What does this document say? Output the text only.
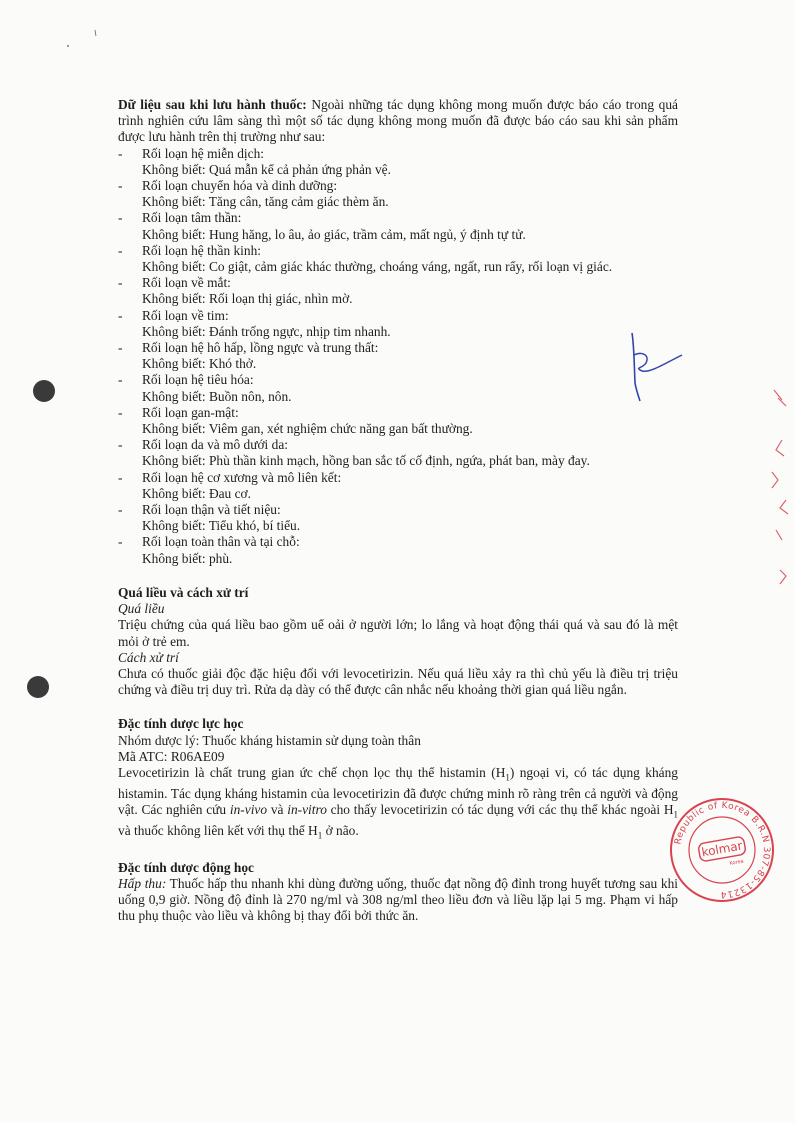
Dữ liệu sau khi lưu hành thuốc: Ngoài những tác dụng không mong muốn được báo cáo trong quá trình nghiên cứu lâm sàng thì một số tác dụng không mong muốn đã được báo cáo sau khi sản phẩm được lưu hành trên thị trường như sau:

- Rối loạn hệ miễn dịch:
Không biết: Quá mẫn kể cả phản ứng phản vệ.
- Rối loạn chuyển hóa và dinh dưỡng:
Không biết: Tăng cân, tăng cảm giác thèm ăn.
- Rối loạn tâm thần:
Không biết: Hung hăng, lo âu, ảo giác, trầm cảm, mất ngủ, ý định tự tử.
- Rối loạn hệ thần kinh:
Không biết: Co giật, cảm giác khác thường, choáng váng, ngất, run rẩy, rối loạn vị giác.
- Rối loạn về mắt:
Không biết: Rối loạn thị giác, nhìn mờ.
- Rối loạn về tim:
Không biết: Đánh trống ngực, nhịp tim nhanh.
- Rối loạn hệ hô hấp, lồng ngực và trung thất:
Không biết: Khó thở.
- Rối loạn hệ tiêu hóa:
Không biết: Buồn nôn, nôn.
- Rối loạn gan-mật:
Không biết: Viêm gan, xét nghiệm chức năng gan bất thường.
- Rối loạn da và mô dưới da:
Không biết: Phù thần kinh mạch, hồng ban sắc tố cố định, ngứa, phát ban, mày đay.
- Rối loạn hệ cơ xương và mô liên kết:
Không biết: Đau cơ.
- Rối loạn thận và tiết niệu:
Không biết: Tiểu khó, bí tiểu.
- Rối loạn toàn thân và tại chỗ:
Không biết: phù.

Quá liều và cách xử trí

Quá liều

Triệu chứng của quá liều bao gồm uể oải ở người lớn; lo lắng và hoạt động thái quá và sau đó là mệt mỏi ở trẻ em.

Cách xử trí

Chưa có thuốc giải độc đặc hiệu đối với levocetirizin. Nếu quá liều xảy ra thì chủ yếu là điều trị triệu chứng và điều trị duy trì. Rửa dạ dày có thể được cân nhắc nếu khoảng thời gian quá liều ngắn.

Đặc tính dược lực học

Nhóm dược lý: Thuốc kháng histamin sử dụng toàn thân

Mã ATC: R06AE09

Levocetirizin là chất trung gian ức chế chọn lọc thụ thể histamin $(H_1)$ ngoại vi, có tác dụng kháng histamin. Tác dụng kháng histamin của levocetirizin đã được chứng minh rõ ràng trên cả người và động vật. Các nghiên cứu in-vivo và in-vitro cho thấy levocetirizin có tác dụng với các thụ thể khác ngoài $H_1$ và thuốc không liên kết với thụ thể $H_1$ ở não.

Đặc tính dược động học

Hấp thu: Thuốc hấp thu nhanh khi dùng đường uống, thuốc đạt nồng độ đỉnh trong huyết tương sau khi uống 0,9 giờ. Nồng độ đỉnh là 270 ng/ml và 308 ng/ml theo liều đơn và liều lặp lại 5 mg. Phạm vi hấp thu phụ thuộc vào liều và không bị thay đổi bởi thức ăn.

Republic of Korea B.R.N 307-85-13214
kolmar
Korea
